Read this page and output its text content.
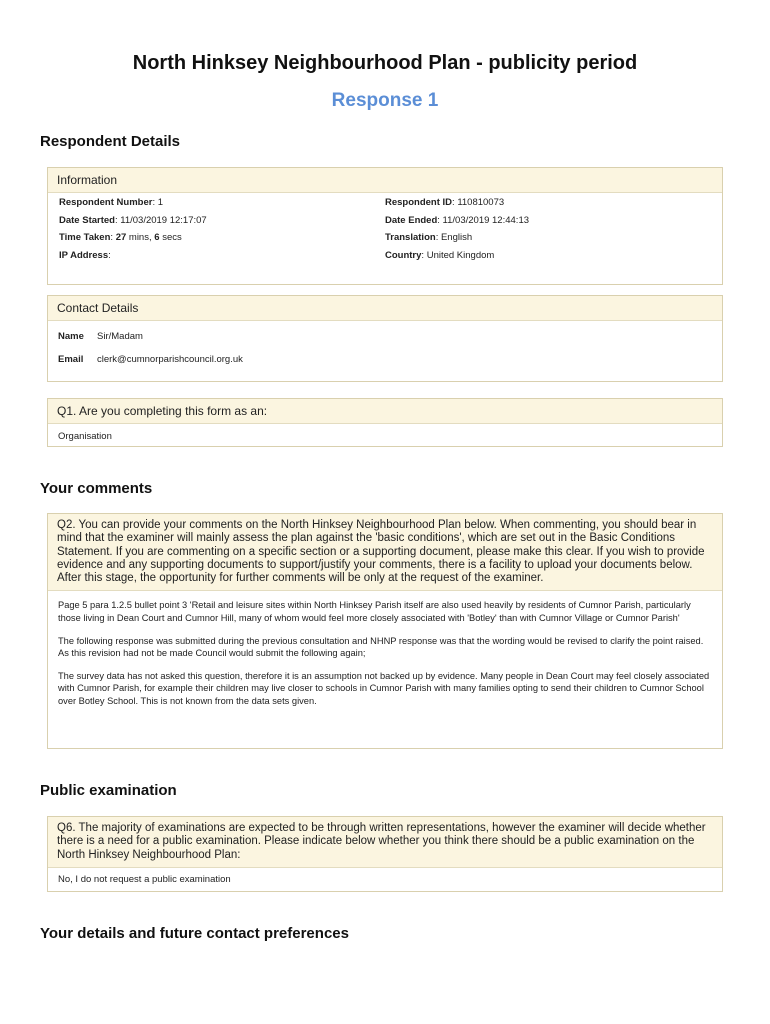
North Hinksey Neighbourhood Plan - publicity period
Response 1
Respondent Details
Information
Respondent Number: 1
Date Started: 11/03/2019 12:17:07
Time Taken: 27 mins, 6 secs
IP Address:
Respondent ID: 110810073
Date Ended: 11/03/2019 12:44:13
Translation: English
Country: United Kingdom
Contact Details
Name	Sir/Madam
Email	clerk@cumnorparishcouncil.org.uk
Q1. Are you completing this form as an:
Organisation
Your comments
Q2. You can provide your comments on the North Hinksey Neighbourhood Plan below. When commenting, you should bear in mind that the examiner will mainly assess the plan against the 'basic conditions', which are set out in the Basic Conditions Statement. If you are commenting on a specific section or a supporting document, please make this clear. If you wish to provide evidence and any supporting documents to support/justify your comments, there is a facility to upload your documents below. After this stage, the opportunity for further comments will be only at the request of the examiner.

Page 5 para 1.2.5 bullet point 3 'Retail and leisure sites within North Hinksey Parish itself are also used heavily by residents of Cumnor Parish, particularly those living in Dean Court and Cumnor Hill, many of whom would feel more closely associated with 'Botley' than with Cumnor Village or Cumnor Parish'

The following response was submitted during the previous consultation and NHNP response was that the wording would be revised to clarify the point raised. As this revision had not be made Council would submit the following again;

The survey data has not asked this question, therefore it is an assumption not backed up by evidence. Many people in Dean Court may feel closely associated with Cumnor Parish, for example their children may live closer to schools in Cumnor Parish with many families opting to send their children to Cumnor School over Botley School. This is not known from the data sets given.

Public examination
Q6. The majority of examinations are expected to be through written representations, however the examiner will decide whether there is a need for a public examination. Please indicate below whether you think there should be a public examination on the North Hinksey Neighbourhood Plan:
No, I do not request a public examination
Your details and future contact preferences
